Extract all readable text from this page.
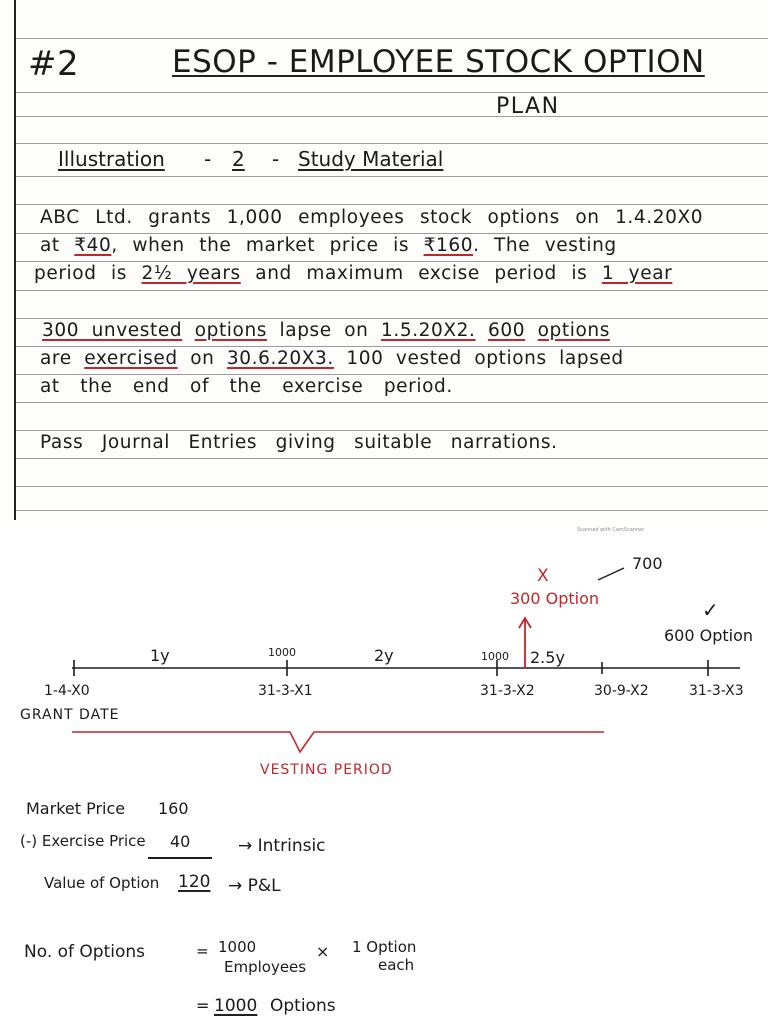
#2	ESOP - EMPLOYEE STOCK OPTION
PLAN
Illustration - 2 - Study Material
ABC Ltd. grants 1,000 employees stock options on 1.4.20X0
at ₹40, when the market price is ₹160. The vesting
period is 2½ years and maximum excise period is 1 year
300 unvested options lapse on 1.5.20X2. 600 options
are exercised on 30.6.20X3. 100 vested options lapsed
at the end of the exercise period.
Pass Journal Entries giving suitable narrations.
Scanned with CamScanner
1y	1000	2y	1000 2.5y
X
300 Option
700
✓
600 Option
1-4-X0	31-3-X1	31-3-X2	30-9-X2	31-3-X3
GRANT DATE
VESTING PERIOD
Market Price 160
(-) Exercise Price 40	→ Intrinsic
Value of Option 120 → P&L
No. of Options	= 1000
Employees
× 1 Option
each
= 1000 Options
